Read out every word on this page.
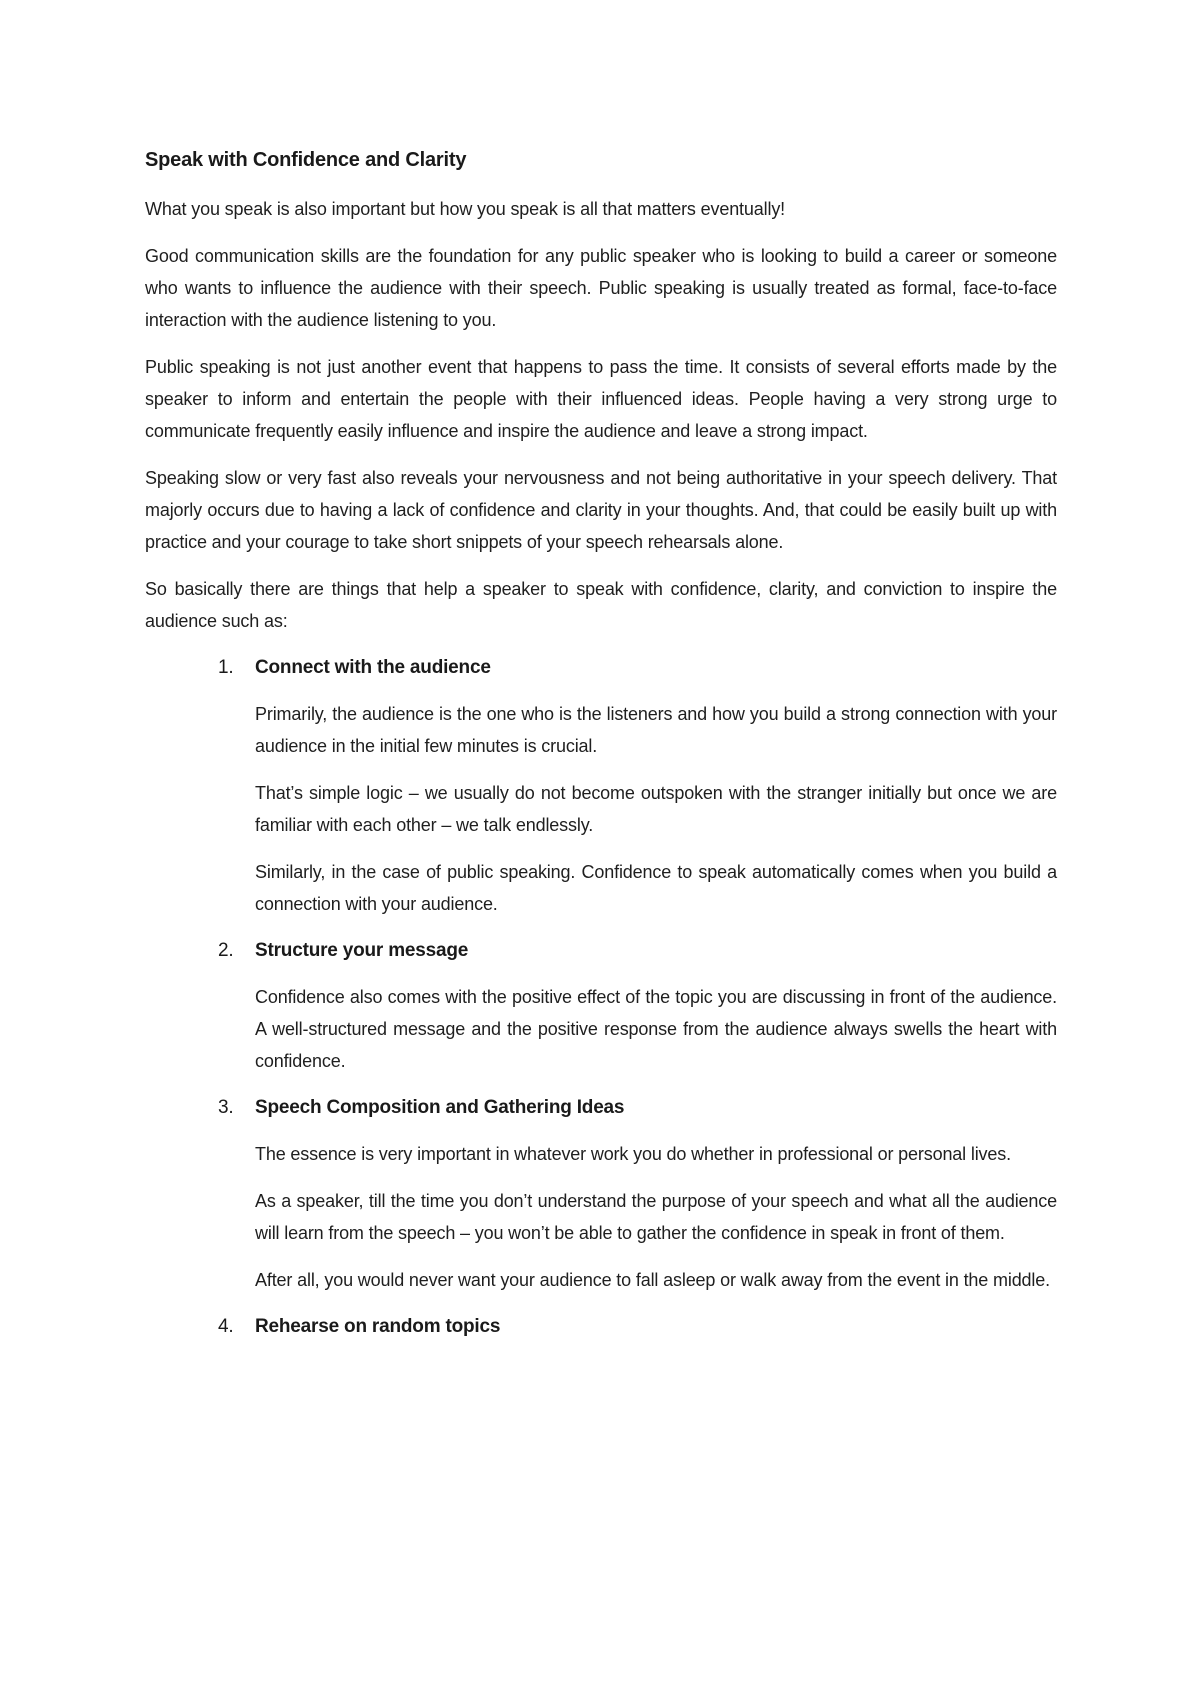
Speak with Confidence and Clarity

What you speak is also important but how you speak is all that matters eventually!

Good communication skills are the foundation for any public speaker who is looking to build a career or someone who wants to influence the audience with their speech. Public speaking is usually treated as formal, face-to-face interaction with the audience listening to you.

Public speaking is not just another event that happens to pass the time. It consists of several efforts made by the speaker to inform and entertain the people with their influenced ideas. People having a very strong urge to communicate frequently easily influence and inspire the audience and leave a strong impact.

Speaking slow or very fast also reveals your nervousness and not being authoritative in your speech delivery. That majorly occurs due to having a lack of confidence and clarity in your thoughts. And, that could be easily built up with practice and your courage to take short snippets of your speech rehearsals alone.

So basically there are things that help a speaker to speak with confidence, clarity, and conviction to inspire the audience such as:

1. Connect with the audience

Primarily, the audience is the one who is the listeners and how you build a strong connection with your audience in the initial few minutes is crucial.

That’s simple logic – we usually do not become outspoken with the stranger initially but once we are familiar with each other – we talk endlessly.

Similarly, in the case of public speaking. Confidence to speak automatically comes when you build a connection with your audience.

2. Structure your message

Confidence also comes with the positive effect of the topic you are discussing in front of the audience. A well-structured message and the positive response from the audience always swells the heart with confidence.

3. Speech Composition and Gathering Ideas

The essence is very important in whatever work you do whether in professional or personal lives.

As a speaker, till the time you don’t understand the purpose of your speech and what all the audience will learn from the speech – you won’t be able to gather the confidence in speak in front of them.

After all, you would never want your audience to fall asleep or walk away from the event in the middle.

4. Rehearse on random topics
